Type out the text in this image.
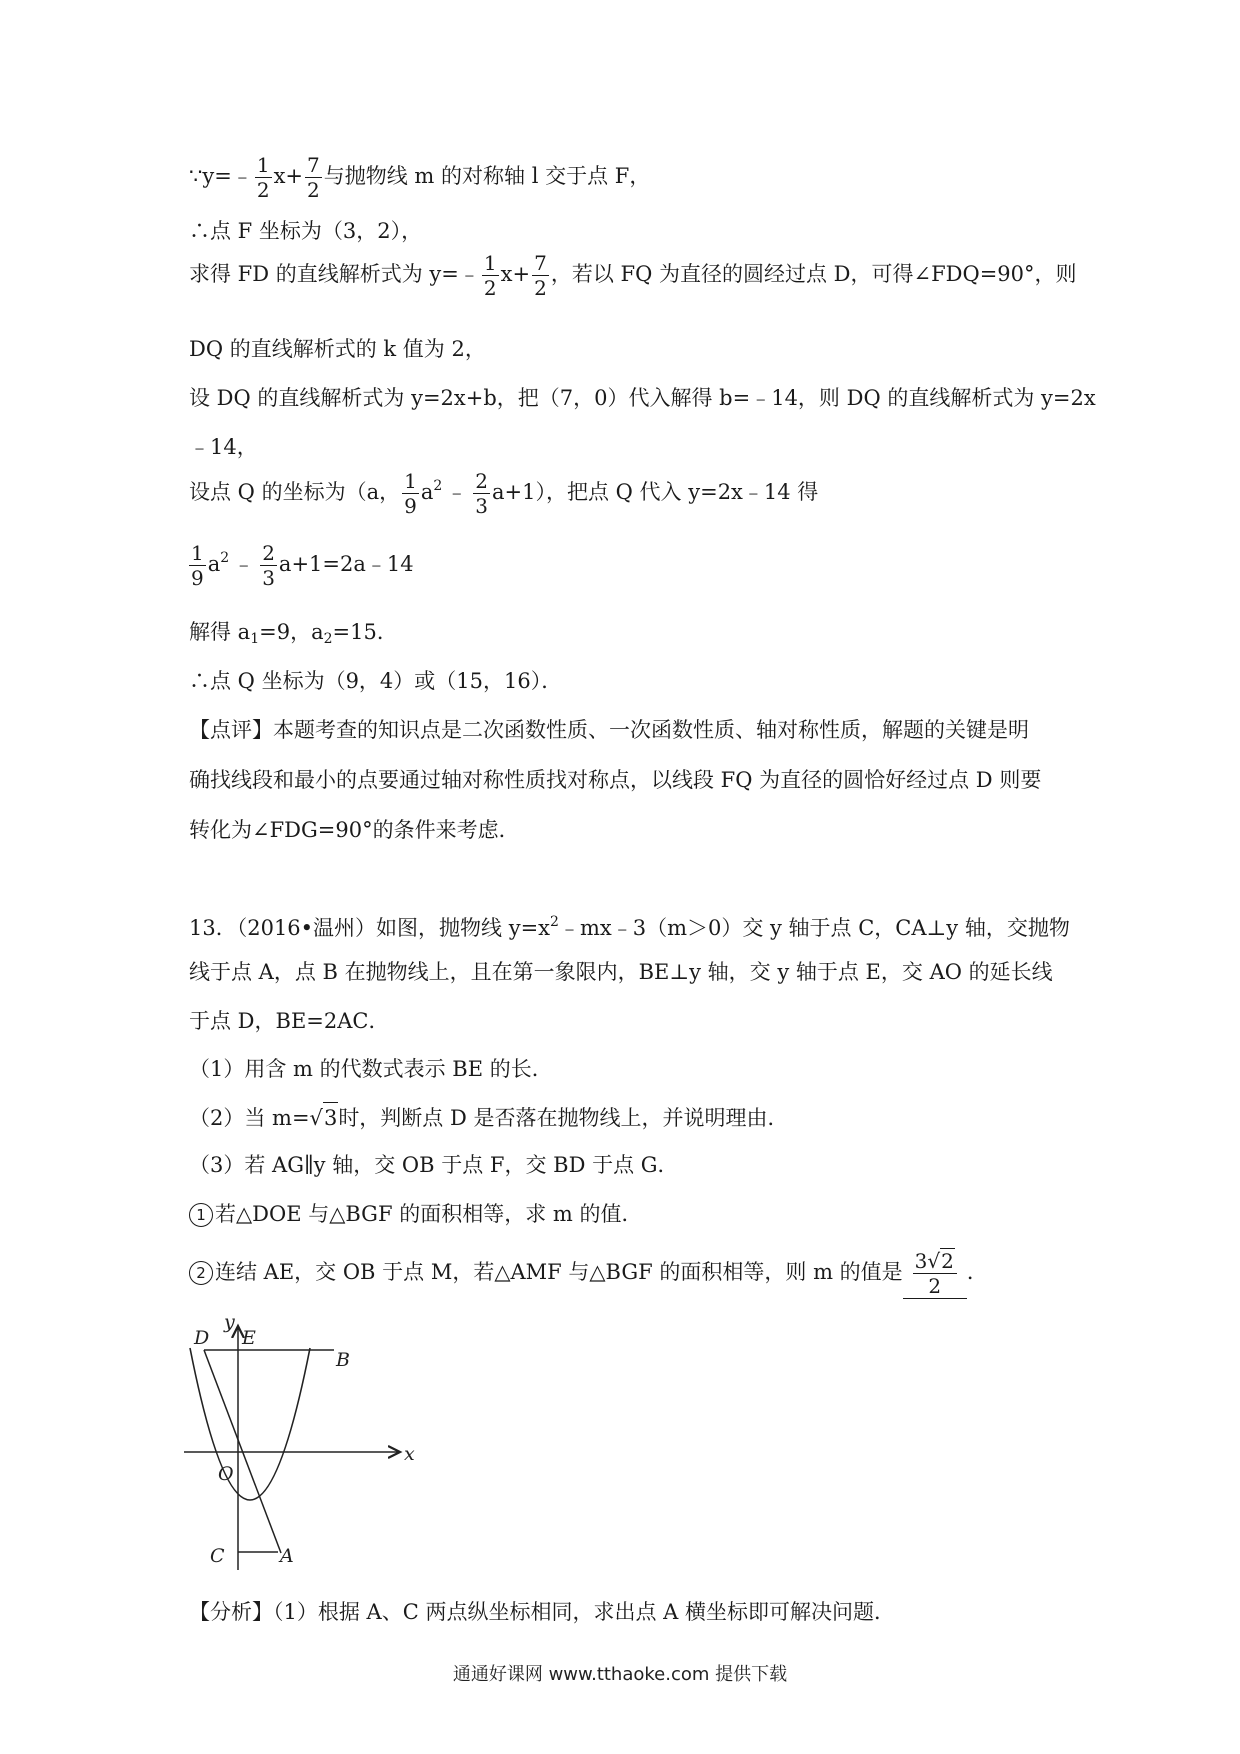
∵y=﹣ $\frac{1}{2} x+ \frac{7}{2}$ 与抛物线 m 的对称轴 l 交于点 F，
∴点 F 坐标为（3，2），
求得 FD 的直线解析式为 y=﹣ $\frac{1}{2} x+ \frac{7}{2}$ ，若以 FQ 为直径的圆经过点 D，可得∠FDQ=90°，则
DQ 的直线解析式的 k 值为 2，
设 DQ 的直线解析式为 y=2x+b，把（7，0）代入解得 b=﹣14，则 DQ 的直线解析式为 y=2x
﹣14，
设点 Q 的坐标为（a， $\frac{1}{9} a^2$ ﹣ $\frac{2}{3} a+1$），把点 Q 代入 y=2x﹣14 得
$\frac{1}{9} a^2$ ﹣ $\frac{2}{3}$ a+1=2a﹣14
解得 $a_1=9$，$a_2=15$．
∴点 Q 坐标为（9，4）或（15，16）．
【点评】本题考查的知识点是二次函数性质、一次函数性质、轴对称性质，解题的关键是明
确找线段和最小的点要通过轴对称性质找对称点，以线段 FQ 为直径的圆恰好经过点 D 则要
转化为∠FDG=90°的条件来考虑．
13．（2016•温州）如图，抛物线 $y=x^2﹣mx﹣3(m>0)$交 y 轴于点 C，CA⊥y 轴，交抛物
线于点 A，点 B 在抛物线上，且在第一象限内，BE⊥y 轴，交 y 轴于点 E，交 AO 的延长线
于点 D，BE=2AC．
（1）用含 m 的代数式表示 BE 的长．
（2）当 m=√3时，判断点 D 是否落在抛物线上，并说明理由．
（3）若 AG∥y 轴，交 OB 于点 F，交 BD 于点 G．
1 若△DOE 与△BGF 的面积相等，求 m 的值．
2 连结 AE，交 OB 于点 M，若△AMF 与△BGF 的面积相等，则 m 的值是 $\frac{3√2}{2}$ ．
y
x
D E
B
O
C	A
【分析】（1）根据 A、C 两点纵坐标相同，求出点 A 横坐标即可解决问题．
通通好课网 www.tthaoke.com 提供下载
